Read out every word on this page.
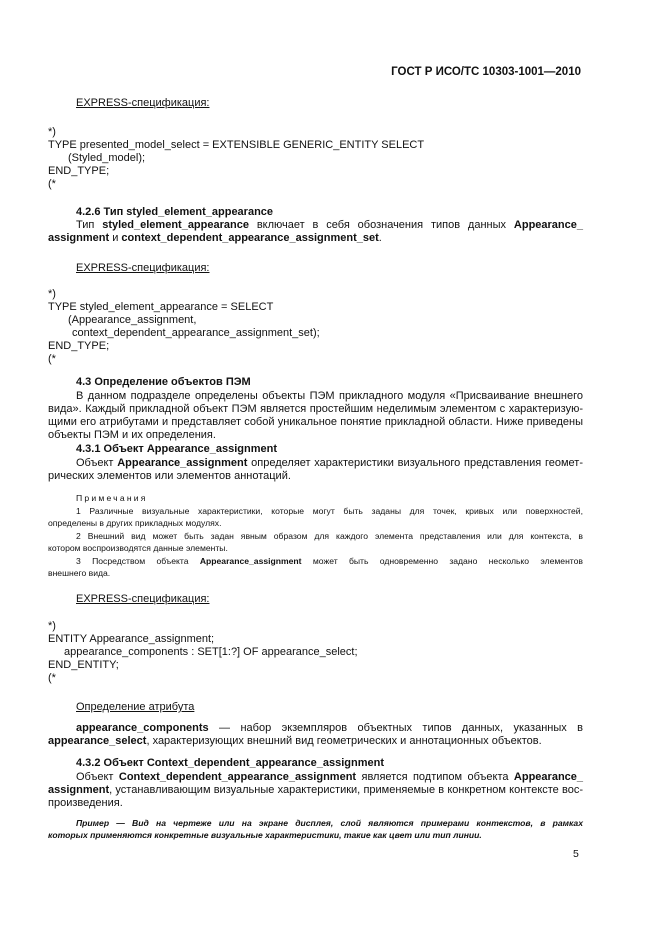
ГОСТ Р ИСО/ТС 10303-1001—2010
EXPRESS-спецификация:
*)
TYPE presented_model_select = EXTENSIBLE GENERIC_ENTITY SELECT
(Styled_model);
END_TYPE;
(*
4.2.6 Тип styled_element_appearance
Тип styled_element_appearance включает в себя обозначения типов данных Appearance_
assignment и context_dependent_appearance_assignment_set.
EXPRESS-спецификация:
*)
TYPE styled_element_appearance = SELECT
(Appearance_assignment,
context_dependent_appearance_assignment_set);
END_TYPE;
(*
4.3 Определение объектов ПЭМ
В данном подразделе определены объекты ПЭМ прикладного модуля «Присваивание внешнего
вида». Каждый прикладной объект ПЭМ является простейшим неделимым элементом с характеризую-
щими его атрибутами и представляет собой уникальное понятие прикладной области. Ниже приведены
объекты ПЭМ и их определения.
4.3.1 Объект Appearance_assignment
Объект Appearance_assignment определяет характеристики визуального представления геомет-
рических элементов или элементов аннотаций.
Примечания
1 Различные визуальные характеристики, которые могут быть заданы для точек, кривых или поверхностей,
определены в других прикладных модулях.
2 Внешний вид может быть задан явным образом для каждого элемента представления или для контекста, в
котором воспроизводятся данные элементы.
3 Посредством объекта Appearance_assignment может быть одновременно задано несколько элементов
внешнего вида.
EXPRESS-спецификация:
*)
ENTITY Appearance_assignment;
appearance_components : SET[1:?] OF appearance_select;
END_ENTITY;
(*
Определение атрибута
appearance_components — набор экземпляров объектных типов данных, указанных в
appearance_select, характеризующих внешний вид геометрических и аннотационных объектов.
4.3.2 Объект Context_dependent_appearance_assignment
Объект Context_dependent_appearance_assignment является подтипом объекта Appearance_
assignment, устанавливающим визуальные характеристики, применяемые в конкретном контексте вос-
произведения.
Пример — Вид на чертеже или на экране дисплея, слой являются примерами контекстов, в рамках
которых применяются конкретные визуальные характеристики, такие как цвет или тип линии.
5
